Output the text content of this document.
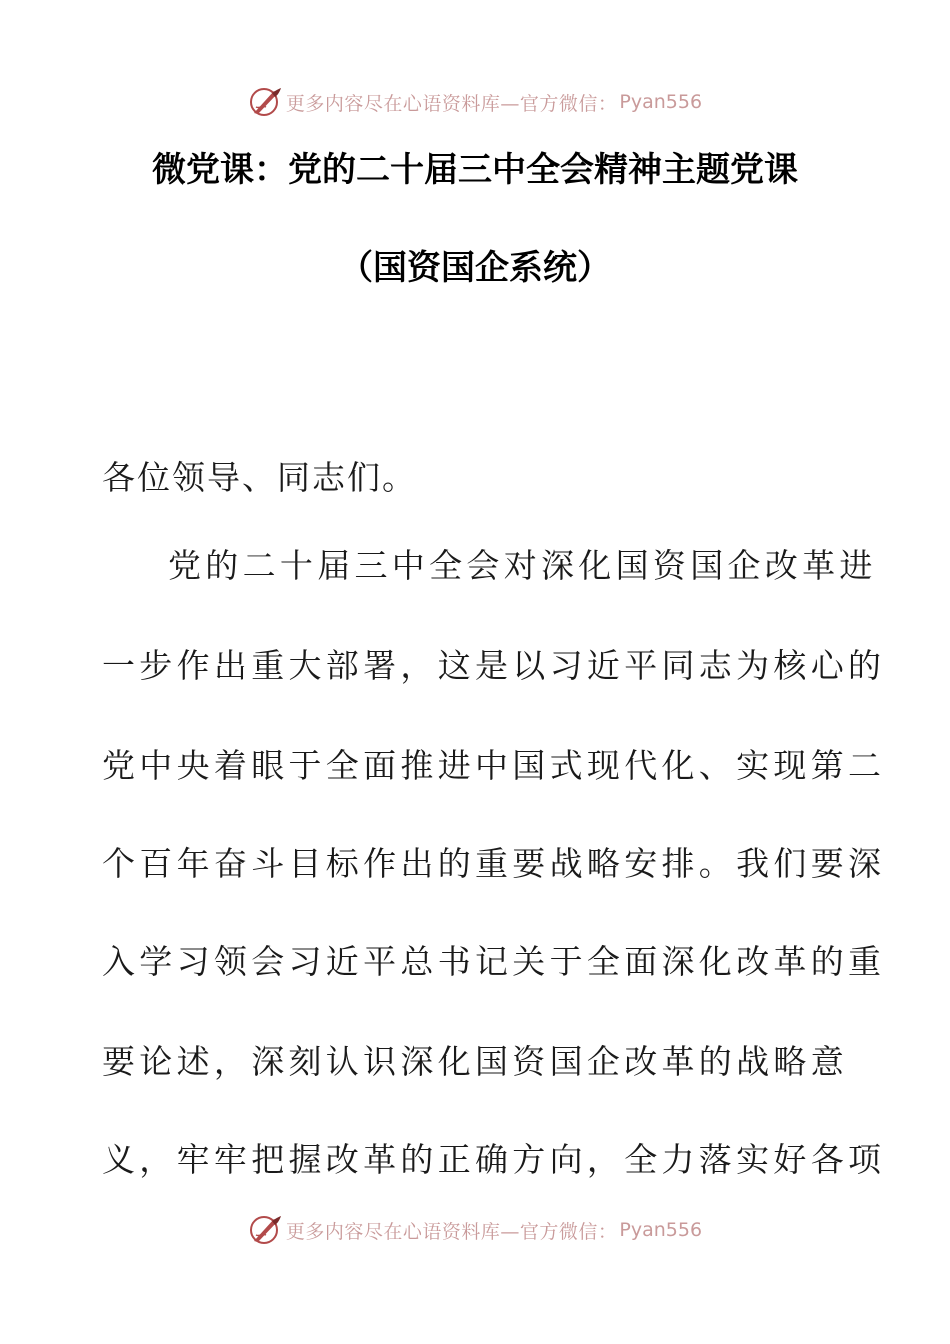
更多内容尽在心语资料库—官方微信： Pyan556
微党课：党的二十届三中全会精神主题党课
（国资国企系统）

各位领导、同志们。

党的二十届三中全会对深化国资国企改革进

一步作出重大部署，这是以习近平同志为核心的

党中央着眼于全面推进中国式现代化、实现第二

个百年奋斗目标作出的重要战略安排。我们要深

入学习领会习近平总书记关于全面深化改革的重

要论述，深刻认识深化国资国企改革的战略意

义，牢牢把握改革的正确方向，全力落实好各项

更多内容尽在心语资料库—官方微信： Pyan556
